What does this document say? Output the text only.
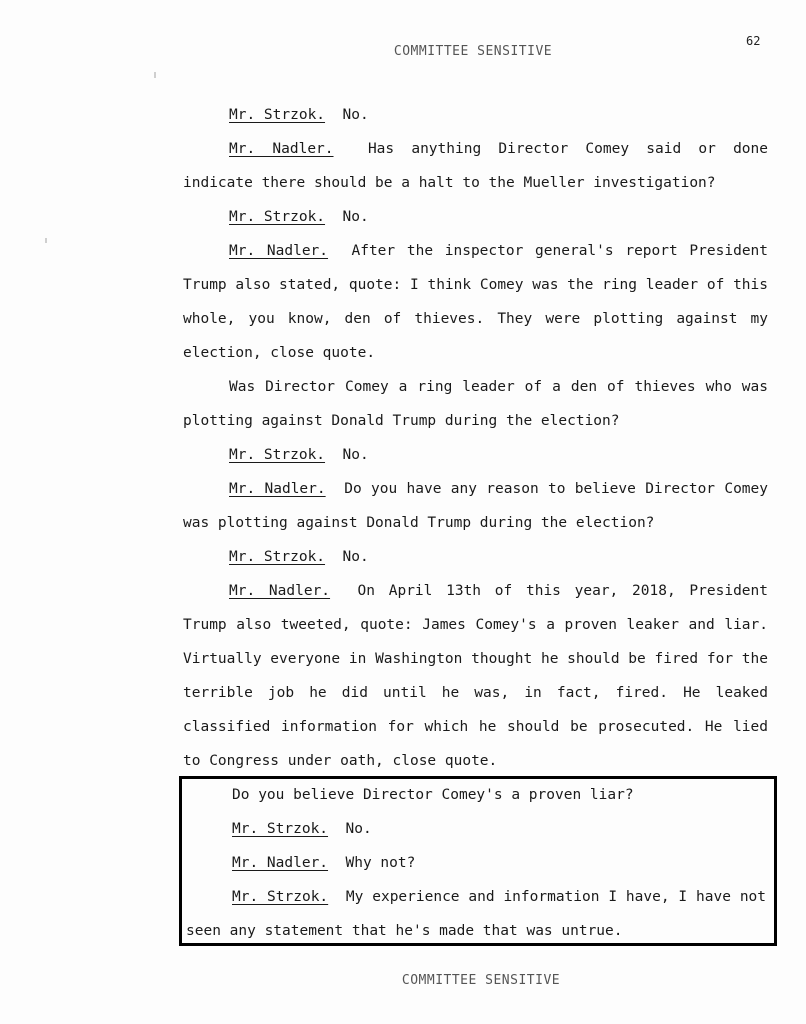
62
COMMITTEE SENSITIVE

Mr. Strzok. No.

Mr. Nadler. Has anything Director Comey said or done indicate there should be a halt to the Mueller investigation?

Mr. Strzok. No.

Mr. Nadler. After the inspector general's report President Trump also stated, quote: I think Comey was the ring leader of this whole, you know, den of thieves. They were plotting against my election, close quote.

Was Director Comey a ring leader of a den of thieves who was plotting against Donald Trump during the election?

Mr. Strzok. No.

Mr. Nadler. Do you have any reason to believe Director Comey was plotting against Donald Trump during the election?

Mr. Strzok. No.

Mr. Nadler. On April 13th of this year, 2018, President Trump also tweeted, quote: James Comey's a proven leaker and liar. Virtually everyone in Washington thought he should be fired for the terrible job he did until he was, in fact, fired. He leaked classified information for which he should be prosecuted. He lied to Congress under oath, close quote.

Do you believe Director Comey's a proven liar?

Mr. Strzok. No.

Mr. Nadler. Why not?

Mr. Strzok. My experience and information I have, I have not seen any statement that he's made that was untrue.

COMMITTEE SENSITIVE
